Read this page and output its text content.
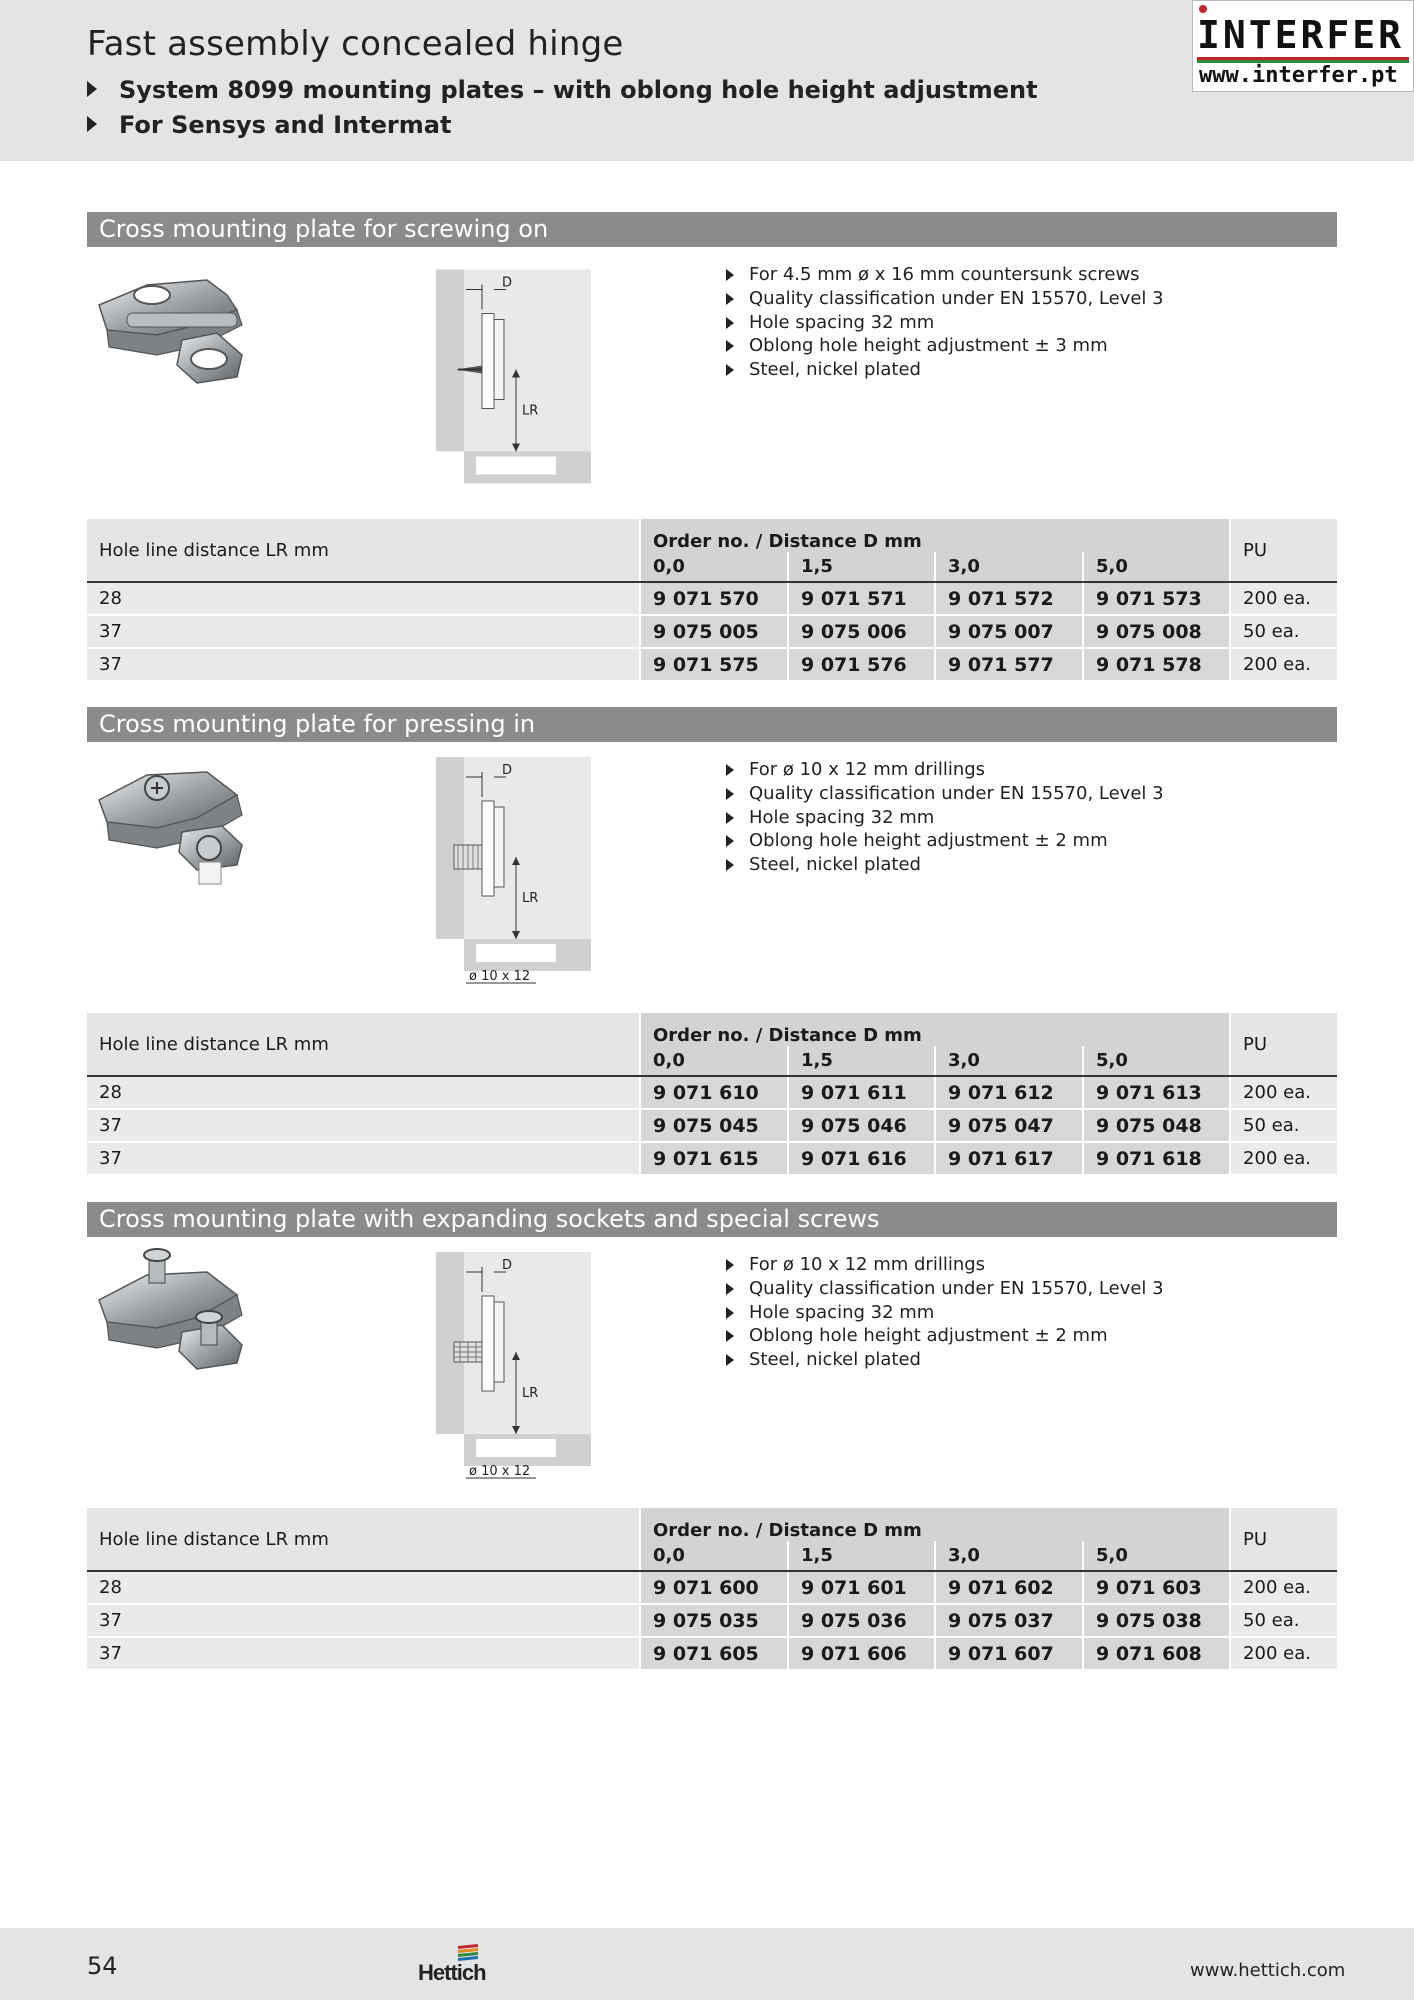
Fast assembly concealed hinge
System 8099 mounting plates – with oblong hole height adjustment
For Sensys and Intermat
INTERFER
www.interfer.pt
Cross mounting plate for screwing on
D
LR
For 4.5 mm ø x 16 mm countersunk screws
Quality classification under EN 15570, Level 3
Hole spacing 32 mm
Oblong hole height adjustment ± 3 mm
Steel, nickel plated
Hole line distance LR mm	Order no. / Distance D mm				PU
	0,0	1,5	3,0	5,0	
28	9 071 570	9 071 571	9 071 572	9 071 573	200 ea.
37	9 075 005	9 075 006	9 075 007	9 075 008	50 ea.
37	9 071 575	9 071 576	9 071 577	9 071 578	200 ea.
Cross mounting plate for pressing in
D
LR
ø 10 x 12
For ø 10 x 12 mm drillings
Quality classification under EN 15570, Level 3
Hole spacing 32 mm
Oblong hole height adjustment ± 2 mm
Steel, nickel plated
Hole line distance LR mm	Order no. / Distance D mm				PU
	0,0	1,5	3,0	5,0	
28	9 071 610	9 071 611	9 071 612	9 071 613	200 ea.
37	9 075 045	9 075 046	9 075 047	9 075 048	50 ea.
37	9 071 615	9 071 616	9 071 617	9 071 618	200 ea.
Cross mounting plate with expanding sockets and special screws
D
LR
ø 10 x 12
For ø 10 x 12 mm drillings
Quality classification under EN 15570, Level 3
Hole spacing 32 mm
Oblong hole height adjustment ± 2 mm
Steel, nickel plated
Hole line distance LR mm	Order no. / Distance D mm				PU
	0,0	1,5	3,0	5,0	
28	9 071 600	9 071 601	9 071 602	9 071 603	200 ea.
37	9 075 035	9 075 036	9 075 037	9 075 038	50 ea.
37	9 071 605	9 071 606	9 071 607	9 071 608	200 ea.
54	Hettich	www.hettich.com
